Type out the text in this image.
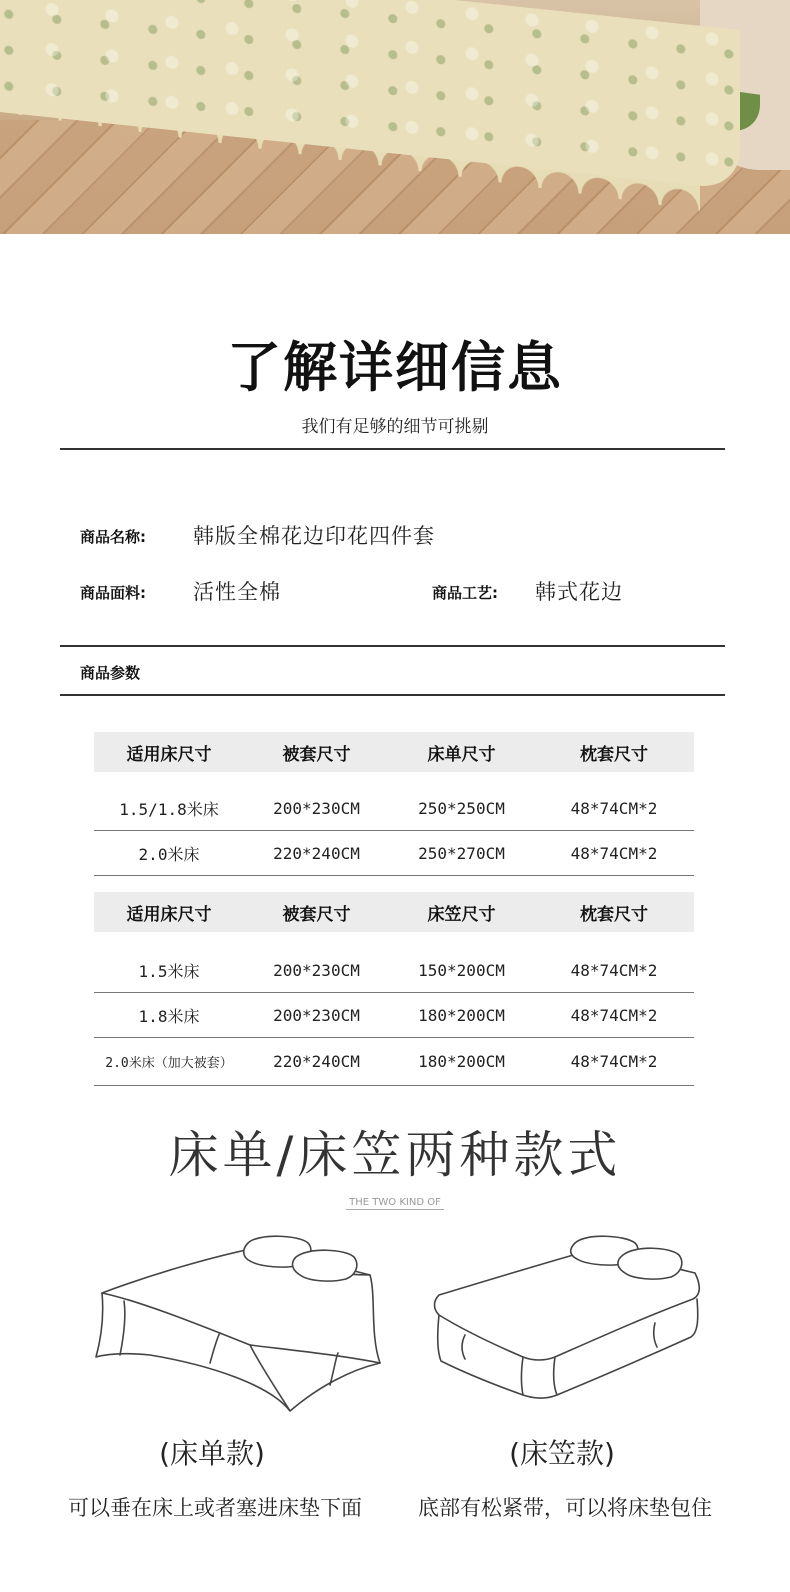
了解详细信息
我们有足够的细节可挑剔
商品名称: 韩版全棉花边印花四件套
商品面料: 活性全棉	商品工艺: 韩式花边
商品参数
适用床尺寸	被套尺寸	床单尺寸	枕套尺寸

1.5/1.8米床	200*230CM	250*250CM	48*74CM*2
2.0米床	220*240CM	250*270CM	48*74CM*2
适用床尺寸	被套尺寸	床笠尺寸	枕套尺寸

1.5米床	200*230CM	150*200CM	48*74CM*2
1.8米床	200*230CM	180*200CM	48*74CM*2
2.0米床（加大被套）	220*240CM	180*200CM	48*74CM*2
床单/床笠两种款式
THE TWO KIND OF
(床单款)	(床笠款)
可以垂在床上或者塞进床垫下面	底部有松紧带，可以将床垫包住
